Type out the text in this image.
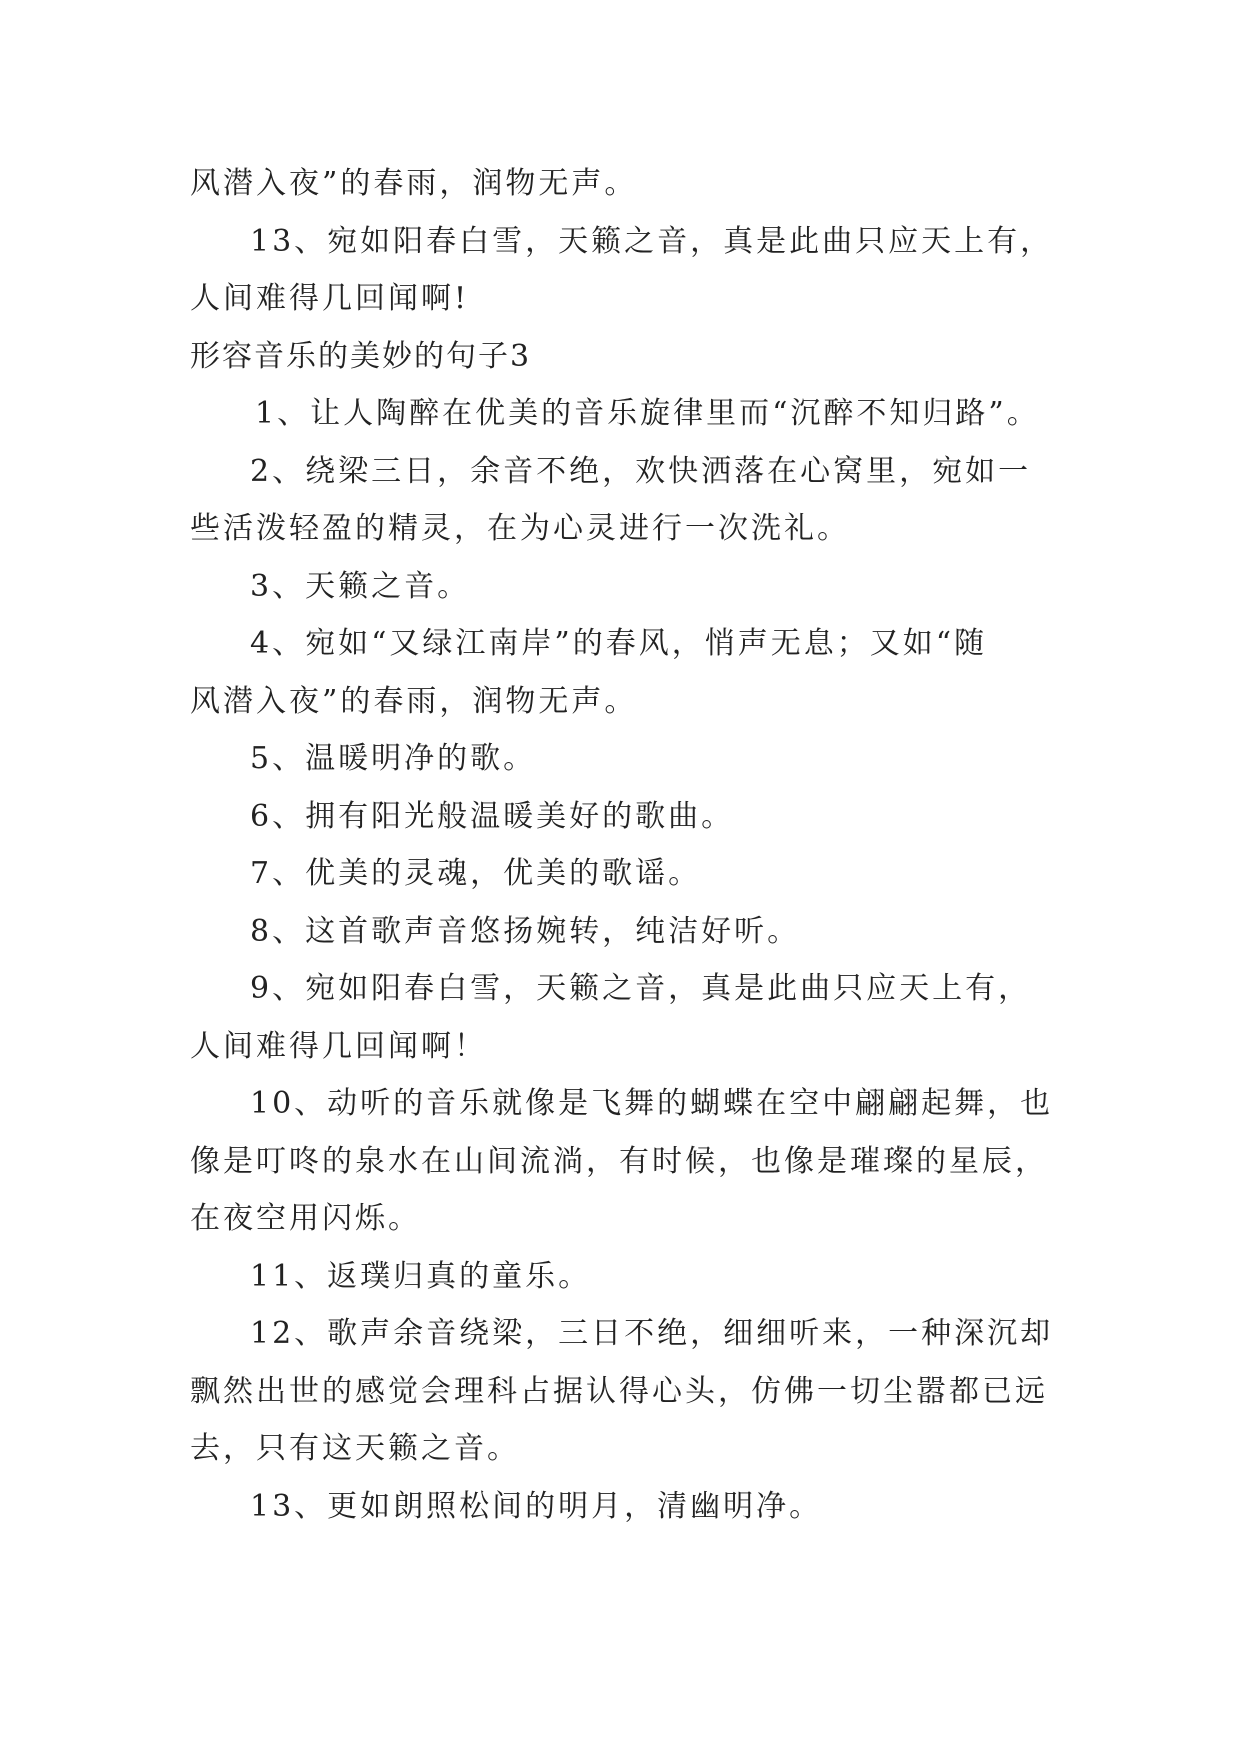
风潜入夜”的春雨，润物无声。
13、宛如阳春白雪，天籁之音，真是此曲只应天上有，
人间难得几回闻啊!
形容音乐的美妙的句子3
1、让人陶醉在优美的音乐旋律里而“沉醉不知归路”。
2、绕梁三日，余音不绝，欢快洒落在心窝里，宛如一
些活泼轻盈的精灵，在为心灵进行一次洗礼。
3、天籁之音。
4、宛如“又绿江南岸”的春风，悄声无息；又如“随
风潜入夜”的春雨，润物无声。
5、温暖明净的歌。
6、拥有阳光般温暖美好的歌曲。
7、优美的灵魂，优美的歌谣。
8、这首歌声音悠扬婉转，纯洁好听。
9、宛如阳春白雪，天籁之音，真是此曲只应天上有，
人间难得几回闻啊！
10、动听的音乐就像是飞舞的蝴蝶在空中翩翩起舞，也
像是叮咚的泉水在山间流淌，有时候，也像是璀璨的星辰，
在夜空用闪烁。
11、返璞归真的童乐。
12、歌声余音绕梁，三日不绝，细细听来，一种深沉却
飘然出世的感觉会理科占据认得心头，仿佛一切尘嚣都已远
去，只有这天籁之音。
13、更如朗照松间的明月，清幽明净。
